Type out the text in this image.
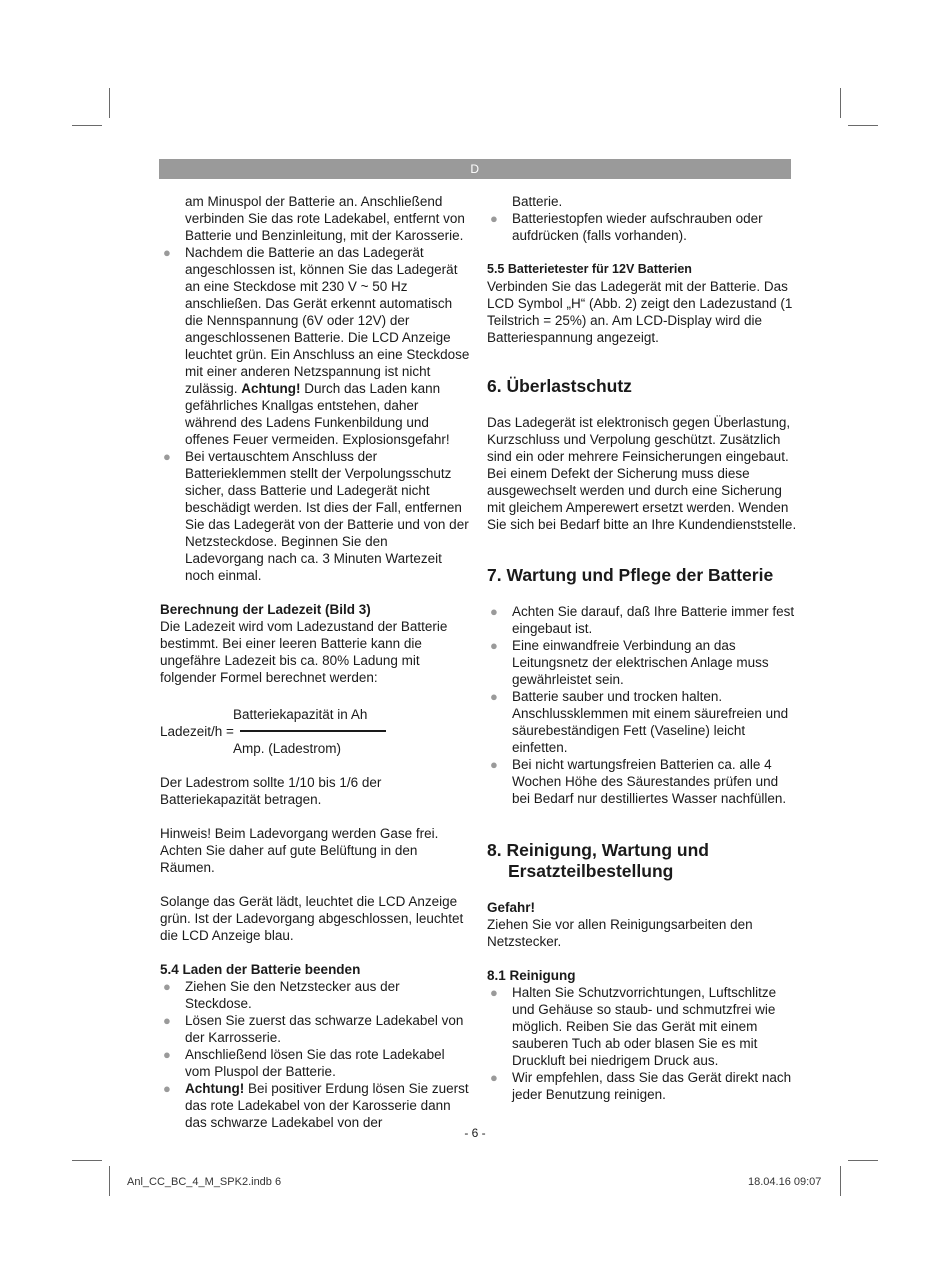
D

am Minuspol der Batterie an. Anschließend verbinden Sie das rote Ladekabel, entfernt von Batterie und Benzinleitung, mit der Karosserie.

● Nachdem die Batterie an das Ladegerät angeschlossen ist, können Sie das Ladegerät an eine Steckdose mit 230 V ~ 50 Hz anschließen. Das Gerät erkennt automatisch die Nennspannung (6V oder 12V) der angeschlossenen Batterie. Die LCD Anzeige leuchtet grün. Ein Anschluss an eine Steckdose mit einer anderen Netzspannung ist nicht zulässig. Achtung! Durch das Laden kann gefährliches Knallgas entstehen, daher während des Ladens Funkenbildung und offenes Feuer vermeiden. Explosionsgefahr!
● Bei vertauschtem Anschluss der Batterieklemmen stellt der Verpolungsschutz sicher, dass Batterie und Ladegerät nicht beschädigt werden. Ist dies der Fall, entfernen Sie das Ladegerät von der Batterie und von der Netzsteckdose. Beginnen Sie den Ladevorgang nach ca. 3 Minuten Wartezeit noch einmal.

Berechnung der Ladezeit (Bild 3)

Die Ladezeit wird vom Ladezustand der Batterie bestimmt. Bei einer leeren Batterie kann die ungefähre Ladezeit bis ca. 80% Ladung mit folgender Formel berechnet werden:

Batteriekapazität in Ah
Ladezeit/h =
Amp. (Ladestrom)

Der Ladestrom sollte 1/10 bis 1/6 der Batteriekapazität betragen.

Hinweis! Beim Ladevorgang werden Gase frei. Achten Sie daher auf gute Belüftung in den Räumen.

Solange das Gerät lädt, leuchtet die LCD Anzeige grün. Ist der Ladevorgang abgeschlossen, leuchtet die LCD Anzeige blau.

5.4 Laden der Batterie beenden

● Ziehen Sie den Netzstecker aus der Steckdose.
● Lösen Sie zuerst das schwarze Ladekabel von der Karrosserie.
● Anschließend lösen Sie das rote Ladekabel vom Pluspol der Batterie.
● Achtung! Bei positiver Erdung lösen Sie zuerst das rote Ladekabel von der Karosserie dann das schwarze Ladekabel von der

Batterie.

● Batteriestopfen wieder aufschrauben oder aufdrücken (falls vorhanden).

5.5 Batterietester für 12V Batterien

Verbinden Sie das Ladegerät mit der Batterie. Das LCD Symbol „H“ (Abb. 2) zeigt den Ladezustand (1 Teilstrich = 25%) an. Am LCD-Display wird die Batteriespannung angezeigt.

6. Überlastschutz

Das Ladegerät ist elektronisch gegen Überlastung, Kurzschluss und Verpolung geschützt. Zusätzlich sind ein oder mehrere Feinsicherungen eingebaut. Bei einem Defekt der Sicherung muss diese ausgewechselt werden und durch eine Sicherung mit gleichem Amperewert ersetzt werden. Wenden Sie sich bei Bedarf bitte an Ihre Kundendienststelle.

7. Wartung und Pflege der Batterie

● Achten Sie darauf, daß Ihre Batterie immer fest eingebaut ist.
● Eine einwandfreie Verbindung an das Leitungsnetz der elektrischen Anlage muss gewährleistet sein.
● Batterie sauber und trocken halten. Anschlussklemmen mit einem säurefreien und säurebeständigen Fett (Vaseline) leicht einfetten.
● Bei nicht wartungsfreien Batterien ca. alle 4 Wochen Höhe des Säurestandes prüfen und bei Bedarf nur destilliertes Wasser nachfüllen.

8. Reinigung, Wartung und
Ersatzteilbestellung

Gefahr!

Ziehen Sie vor allen Reinigungsarbeiten den Netzstecker.

8.1 Reinigung

● Halten Sie Schutzvorrichtungen, Luftschlitze und Gehäuse so staub- und schmutzfrei wie möglich. Reiben Sie das Gerät mit einem sauberen Tuch ab oder blasen Sie es mit Druckluft bei niedrigem Druck aus.
● Wir empfehlen, dass Sie das Gerät direkt nach jeder Benutzung reinigen.
- 6 -
Anl_CC_BC_4_M_SPK2.indb 6	18.04.16 09:07
